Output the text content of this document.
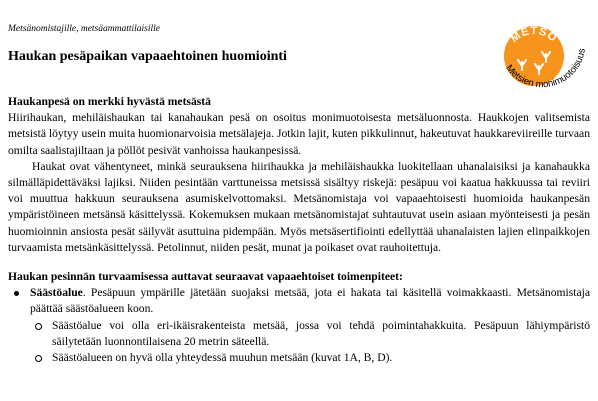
Metsänomistajille, metsäammattilaisille
Haukan pesäpaikan vapaaehtoinen huomiointi
METSO
Metsien monimuotoisuus
Haukanpesä on merkki hyvästä metsästä

Hiirihaukan, mehiläishaukan tai kanahaukan pesä on osoitus monimuotoisesta metsäluonnosta. Haukkojen valitsemista metsistä löytyy usein muita huomionarvoisia metsälajeja. Jotkin lajit, kuten pikkulinnut, hakeutuvat haukkareviireille turvaan omilta saalistajiltaan ja pöllöt pesivät vanhoissa haukanpesissä.

Haukat ovat vähentyneet, minkä seurauksena hiirihaukka ja mehiläishaukka luokitellaan uhanalaisiksi ja kanahaukka silmälläpidettäväksi lajiksi. Niiden pesintään varttuneissa metsissä sisältyy riskejä: pesäpuu voi kaatua hakkuussa tai reviiri voi muuttua hakkuun seurauksena asumiskelvottomaksi. Metsänomistaja voi vapaaehtoisesti huomioida haukanpesän ympäristöineen metsänsä käsittelyssä. Kokemuksen mukaan metsänomistajat suhtautuvat usein asiaan myönteisesti ja pesän huomioinnin ansiosta pesät säilyvät asuttuina pidempään. Myös metsäsertifiointi edellyttää uhanalaisten lajien elinpaikkojen turvaamista metsänkäsittelyssä. Petolinnut, niiden pesät, munat ja poikaset ovat rauhoitettuja.

Haukan pesinnän turvaamisessa auttavat seuraavat vapaaehtoiset toimenpiteet:
Säästöalue. Pesäpuun ympärille jätetään suojaksi metsää, jota ei hakata tai käsitellä voimakkaasti. Metsänomistaja päättää säästöalueen koon.
Säästöalue voi olla eri-ikäisrakenteista metsää, jossa voi tehdä poimintahakkuita. Pesäpuun lähiympäristö säilytetään luonnontilaisena 20 metrin säteellä.
Säästöalueen on hyvä olla yhteydessä muuhun metsään (kuvat 1A, B, D).
